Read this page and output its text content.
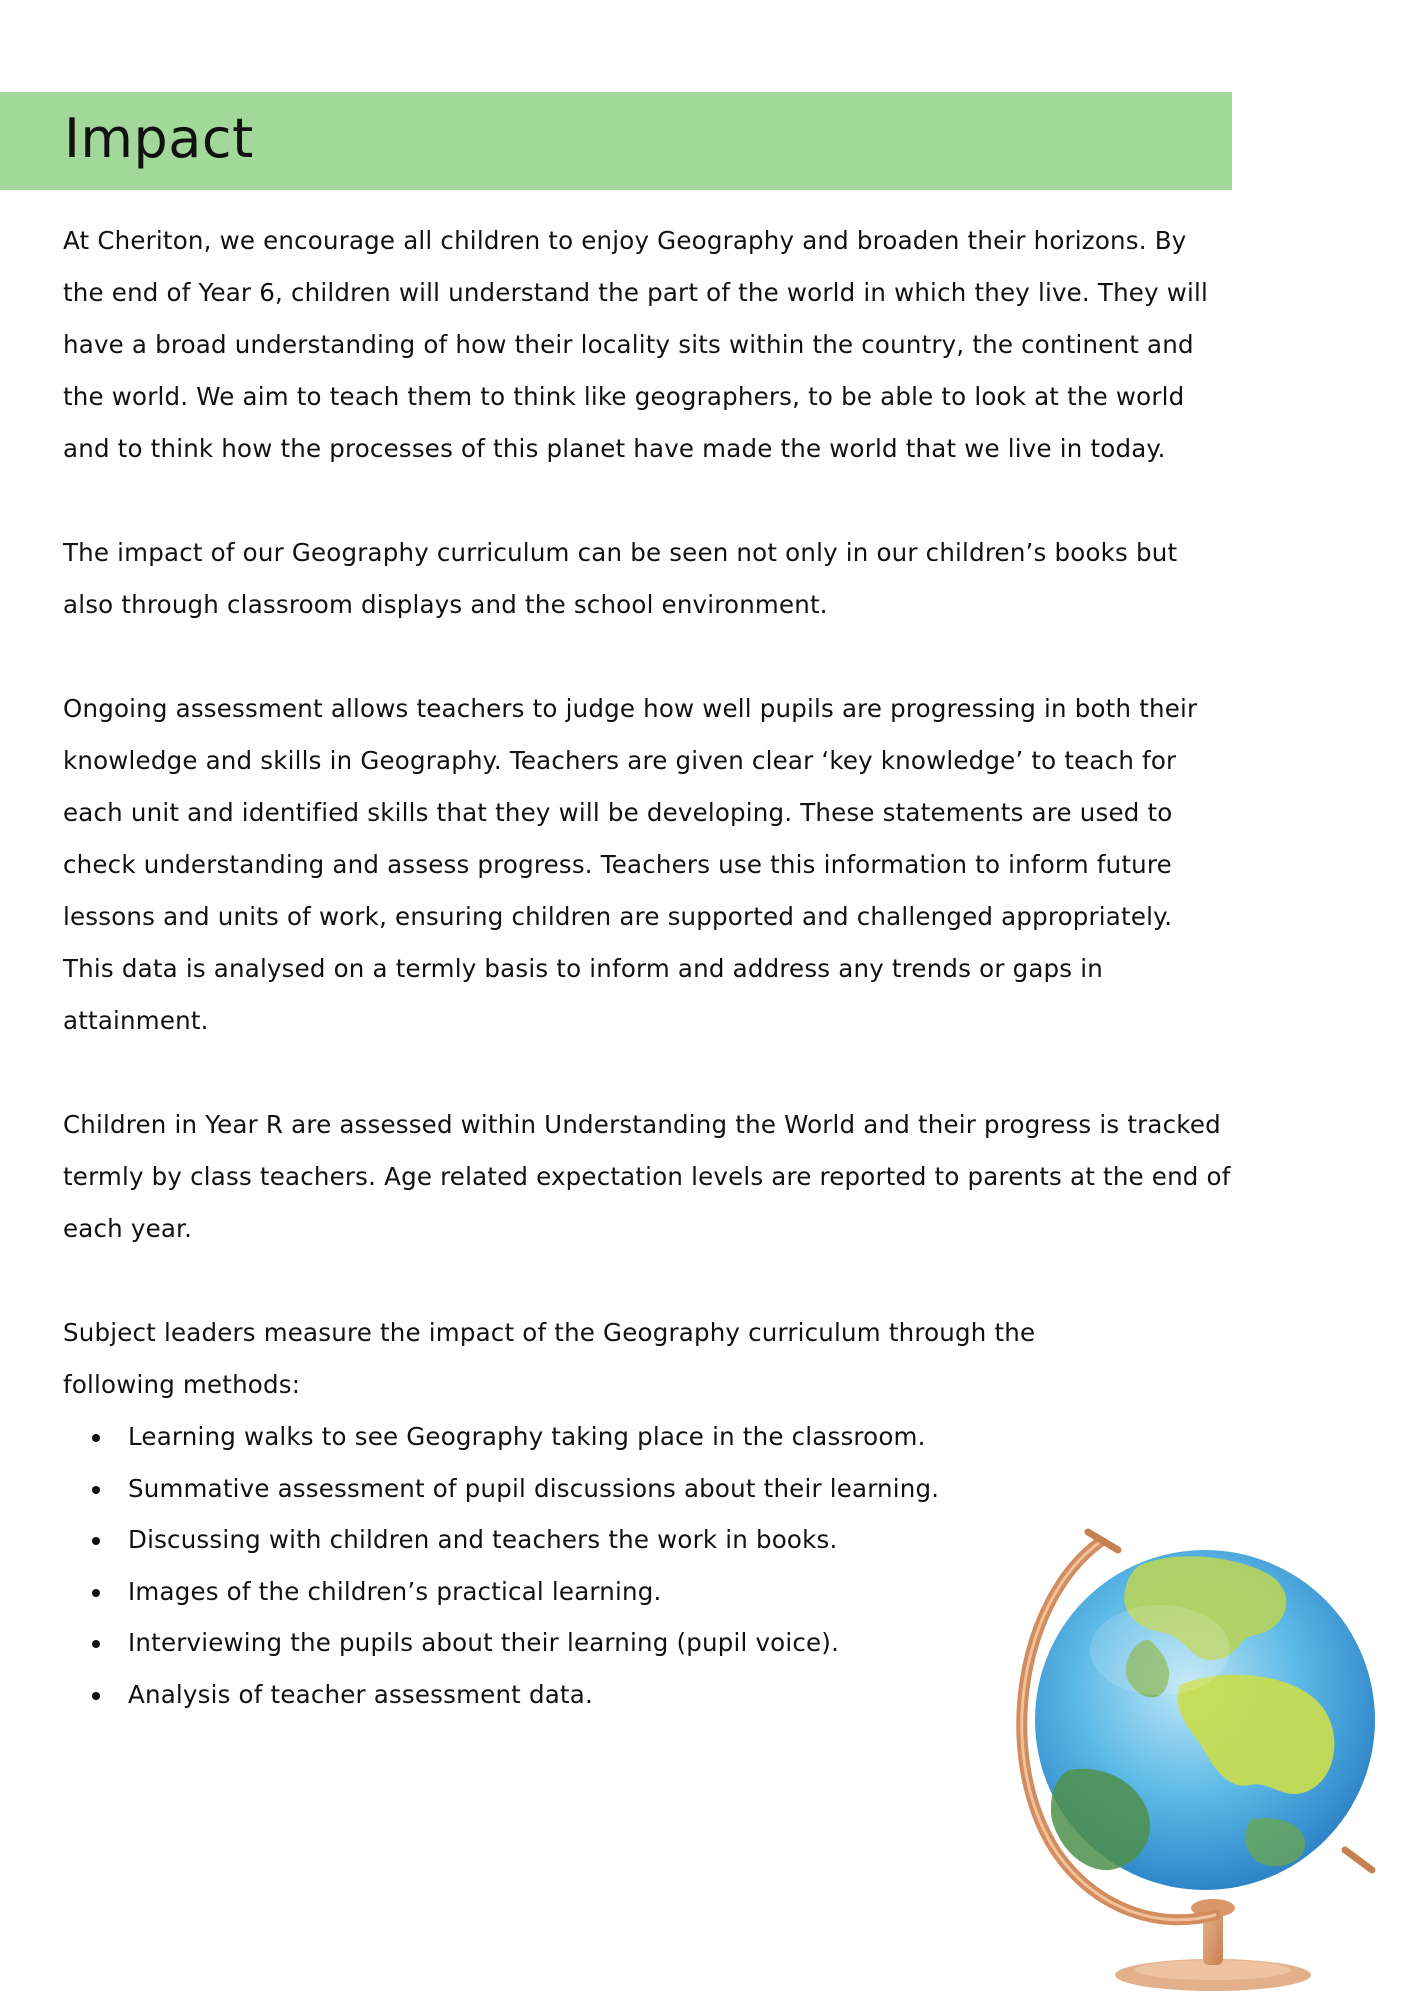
Impact

At Cheriton, we encourage all children to enjoy Geography and broaden their horizons. By the end of Year 6, children will understand the part of the world in which they live. They will have a broad understanding of how their locality sits within the country, the continent and the world. We aim to teach them to think like geographers, to be able to look at the world and to think how the processes of this planet have made the world that we live in today.

The impact of our Geography curriculum can be seen not only in our children’s books but also through classroom displays and the school environment.

Ongoing assessment allows teachers to judge how well pupils are progressing in both their knowledge and skills in Geography. Teachers are given clear ‘key knowledge’ to teach for each unit and identified skills that they will be developing. These statements are used to check understanding and assess progress. Teachers use this information to inform future lessons and units of work, ensuring children are supported and challenged appropriately. This data is analysed on a termly basis to inform and address any trends or gaps in attainment.

Children in Year R are assessed within Understanding the World and their progress is tracked termly by class teachers. Age related expectation levels are reported to parents at the end of each year.

Subject leaders measure the impact of the Geography curriculum through the following methods:

Learning walks to see Geography taking place in the classroom.
Summative assessment of pupil discussions about their learning.
Discussing with children and teachers the work in books.
Images of the children’s practical learning.
Interviewing the pupils about their learning (pupil voice).
Analysis of teacher assessment data.
